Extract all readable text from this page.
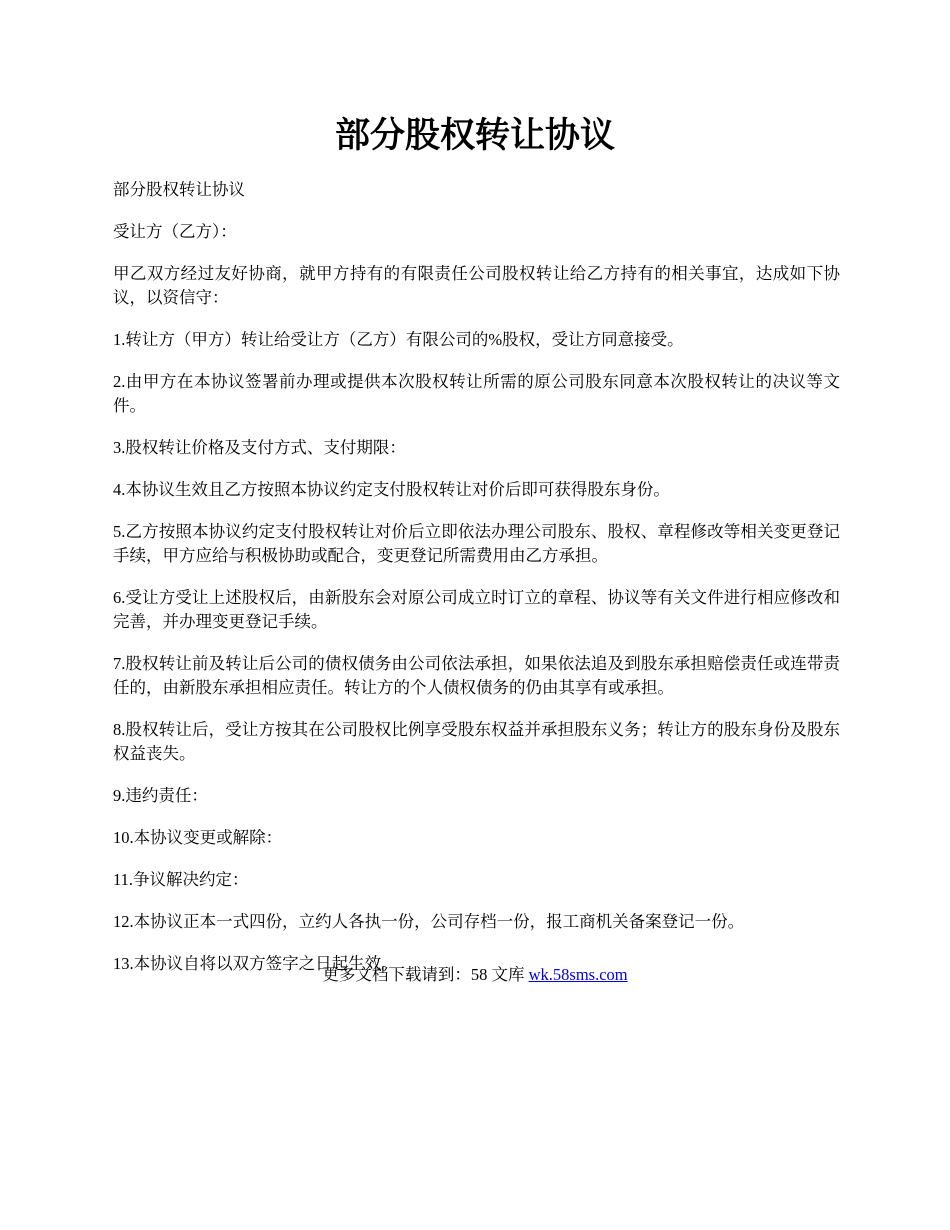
部分股权转让协议

部分股权转让协议

受让方（乙方）：

甲乙双方经过友好协商，就甲方持有的有限责任公司股权转让给乙方持有的相关事宜，达成如下协议，以资信守：

1.转让方（甲方）转让给受让方（乙方）有限公司的%股权，受让方同意接受。

2.由甲方在本协议签署前办理或提供本次股权转让所需的原公司股东同意本次股权转让的决议等文件。

3.股权转让价格及支付方式、支付期限：

4.本协议生效且乙方按照本协议约定支付股权转让对价后即可获得股东身份。

5.乙方按照本协议约定支付股权转让对价后立即依法办理公司股东、股权、章程修改等相关变更登记手续，甲方应给与积极协助或配合，变更登记所需费用由乙方承担。

6.受让方受让上述股权后，由新股东会对原公司成立时订立的章程、协议等有关文件进行相应修改和完善，并办理变更登记手续。

7.股权转让前及转让后公司的债权债务由公司依法承担，如果依法追及到股东承担赔偿责任或连带责任的，由新股东承担相应责任。转让方的个人债权债务的仍由其享有或承担。

8.股权转让后，受让方按其在公司股权比例享受股东权益并承担股东义务；转让方的股东身份及股东权益丧失。

9.违约责任：

10.本协议变更或解除：

11.争议解决约定：

12.本协议正本一式四份，立约人各执一份，公司存档一份，报工商机关备案登记一份。

13.本协议自将以双方签字之日起生效。

更多文档下载请到：58 文库 wk.58sms.com
